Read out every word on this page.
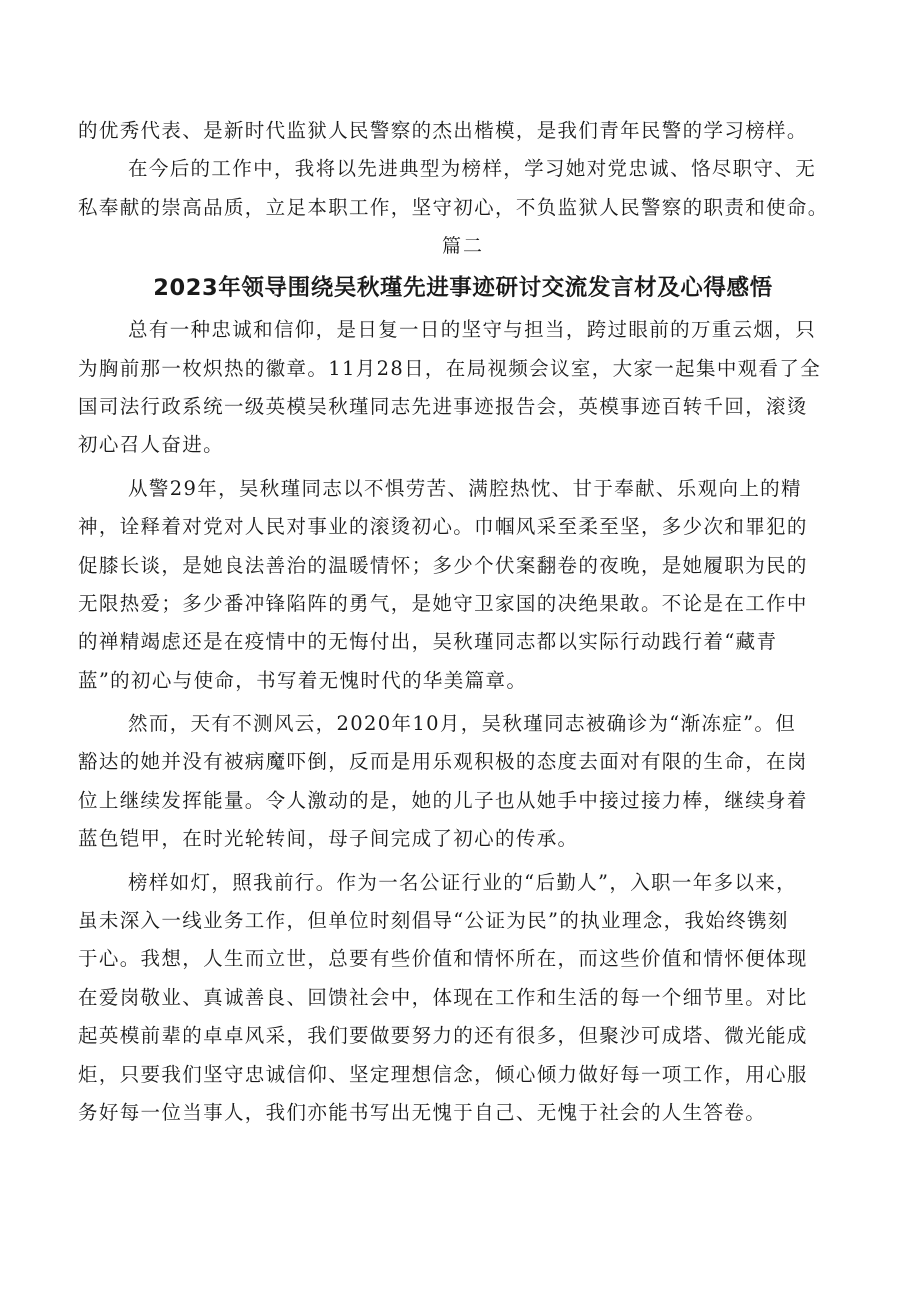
的优秀代表、是新时代监狱人民警察的杰出楷模，是我们青年民警的学习榜样。
在今后的工作中，我将以先进典型为榜样，学习她对党忠诚、恪尽职守、无
私奉献的崇高品质，立足本职工作，坚守初心，不负监狱人民警察的职责和使命。
篇二
2023年领导围绕吴秋瑾先进事迹研讨交流发言材及心得感悟
总有一种忠诚和信仰，是日复一日的坚守与担当，跨过眼前的万重云烟，只
为胸前那一枚炽热的徽章。11月28日，在局视频会议室，大家一起集中观看了全
国司法行政系统一级英模吴秋瑾同志先进事迹报告会，英模事迹百转千回，滚烫
初心召人奋进。
从警29年，吴秋瑾同志以不惧劳苦、满腔热忱、甘于奉献、乐观向上的精
神，诠释着对党对人民对事业的滚烫初心。巾帼风采至柔至坚，多少次和罪犯的
促膝长谈，是她良法善治的温暖情怀；多少个伏案翻卷的夜晚，是她履职为民的
无限热爱；多少番冲锋陷阵的勇气，是她守卫家国的决绝果敢。不论是在工作中
的禅精竭虑还是在疫情中的无悔付出，吴秋瑾同志都以实际行动践行着“藏青
蓝”的初心与使命，书写着无愧时代的华美篇章。
然而，天有不测风云，2020年10月，吴秋瑾同志被确诊为“渐冻症”。但
豁达的她并没有被病魔吓倒，反而是用乐观积极的态度去面对有限的生命，在岗
位上继续发挥能量。令人激动的是，她的儿子也从她手中接过接力棒，继续身着
蓝色铠甲，在时光轮转间，母子间完成了初心的传承。
榜样如灯，照我前行。作为一名公证行业的“后勤人”，入职一年多以来，
虽未深入一线业务工作，但单位时刻倡导“公证为民”的执业理念，我始终镌刻
于心。我想，人生而立世，总要有些价值和情怀所在，而这些价值和情怀便体现
在爱岗敬业、真诚善良、回馈社会中，体现在工作和生活的每一个细节里。对比
起英模前辈的卓卓风采，我们要做要努力的还有很多，但聚沙可成塔、微光能成
炬，只要我们坚守忠诚信仰、坚定理想信念，倾心倾力做好每一项工作，用心服
务好每一位当事人，我们亦能书写出无愧于自己、无愧于社会的人生答卷。
